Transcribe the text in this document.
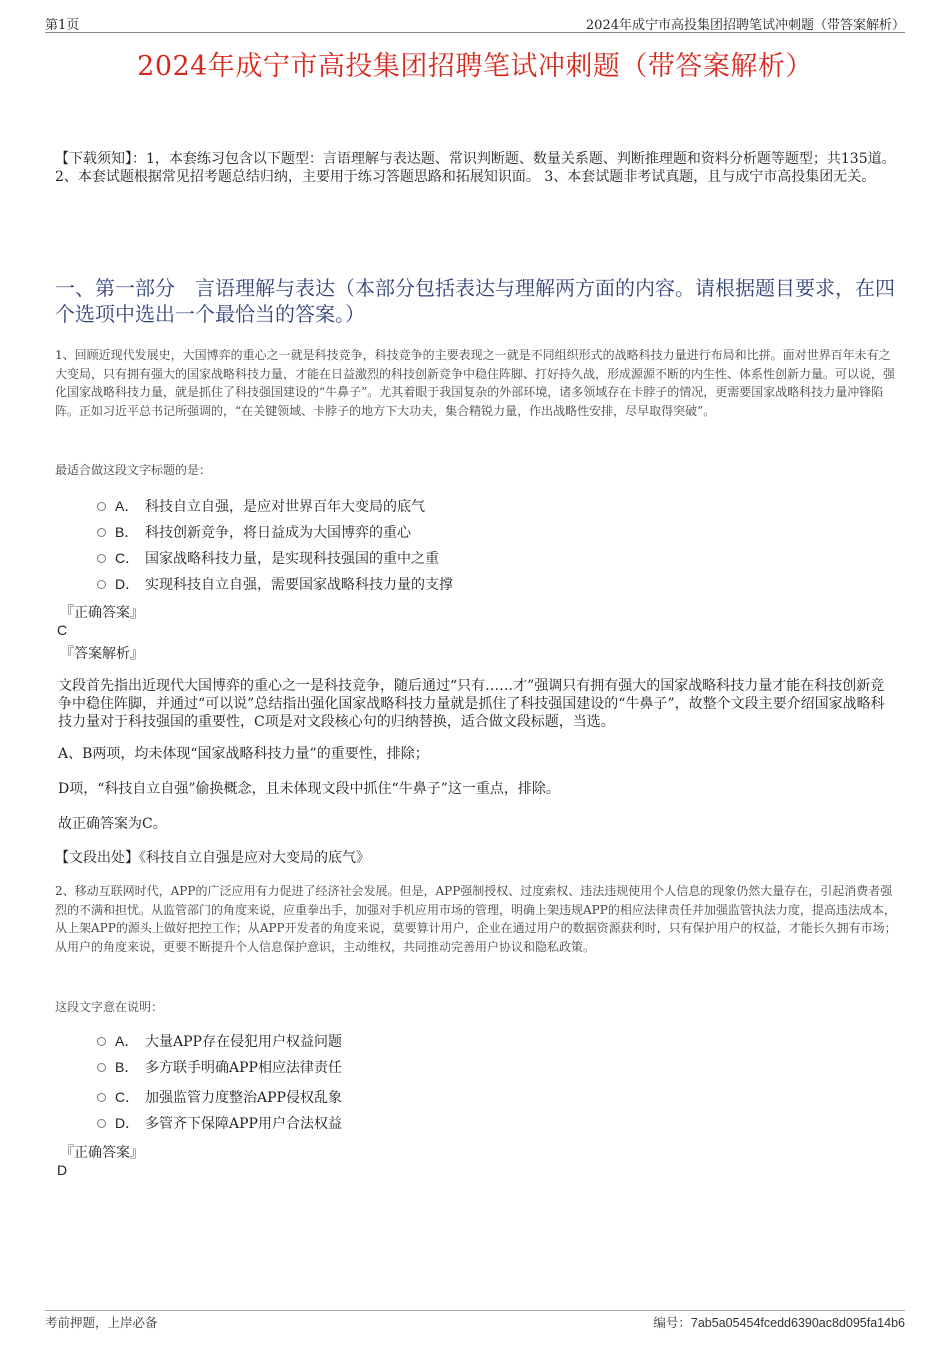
第1页	2024年成宁市高投集团招聘笔试冲刺题（带答案解析）
2024年成宁市高投集团招聘笔试冲刺题（带答案解析）
【下载须知】：1，本套练习包含以下题型：言语理解与表达题、常识判断题、数量关系题、判断推理题和资料分析题等题型；共135道。 2、本套试题根据常见招考题总结归纳，主要用于练习答题思路和拓展知识面。 3、本套试题非考试真题，且与成宁市高投集团无关。
一、第一部分　言语理解与表达（本部分包括表达与理解两方面的内容。请根据题目要求，在四个选项中选出一个最恰当的答案。）
1、回顾近现代发展史，大国博弈的重心之一就是科技竞争，科技竞争的主要表现之一就是不同组织形式的战略科技力量进行布局和比拼。面对世界百年未有之大变局，只有拥有强大的国家战略科技力量，才能在日益激烈的科技创新竞争中稳住阵脚、打好持久战，形成源源不断的内生性、体系性创新力量。可以说，强化国家战略科技力量，就是抓住了科技强国建设的“牛鼻子”。尤其着眼于我国复杂的外部环境，诸多领域存在卡脖子的情况，更需要国家战略科技力量冲锋陷阵。正如习近平总书记所强调的，“在关键领域、卡脖子的地方下大功夫，集合精锐力量，作出战略性安排，尽早取得突破”。
最适合做这段文字标题的是：
A． 科技自立自强，是应对世界百年大变局的底气
B． 科技创新竞争，将日益成为大国博弈的重心
C． 国家战略科技力量，是实现科技强国的重中之重
D． 实现科技自立自强，需要国家战略科技力量的支撑
『正确答案』
C
『答案解析』
文段首先指出近现代大国博弈的重心之一是科技竞争，随后通过“只有……才”强调只有拥有强大的国家战略科技力量才能在科技创新竞争中稳住阵脚，并通过“可以说”总结指出强化国家战略科技力量就是抓住了科技强国建设的“牛鼻子”，故整个文段主要介绍国家战略科技力量对于科技强国的重要性，C项是对文段核心句的归纳替换，适合做文段标题，当选。
A、B两项，均未体现“国家战略科技力量”的重要性，排除；
D项，“科技自立自强”偷换概念，且未体现文段中抓住“牛鼻子”这一重点，排除。
故正确答案为C。
【文段出处】《科技自立自强是应对大变局的底气》
2、移动互联网时代，APP的广泛应用有力促进了经济社会发展。但是，APP强制授权、过度索权、违法违规使用个人信息的现象仍然大量存在，引起消费者强烈的不满和担忧。从监管部门的角度来说，应重拳出手，加强对手机应用市场的管理，明确上架违规APP的相应法律责任并加强监管执法力度，提高违法成本，从上架APP的源头上做好把控工作；从APP开发者的角度来说，莫要算计用户，企业在通过用户的数据资源获利时，只有保护用户的权益，才能长久拥有市场；从用户的角度来说，更要不断提升个人信息保护意识，主动维权，共同推动完善用户协议和隐私政策。
这段文字意在说明：
A． 大量APP存在侵犯用户权益问题
B． 多方联手明确APP相应法律责任
C． 加强监管力度整治APP侵权乱象
D． 多管齐下保障APP用户合法权益
『正确答案』
D
考前押题，上岸必备	编号：7ab5a05454fcedd6390ac8d095fa14b6
